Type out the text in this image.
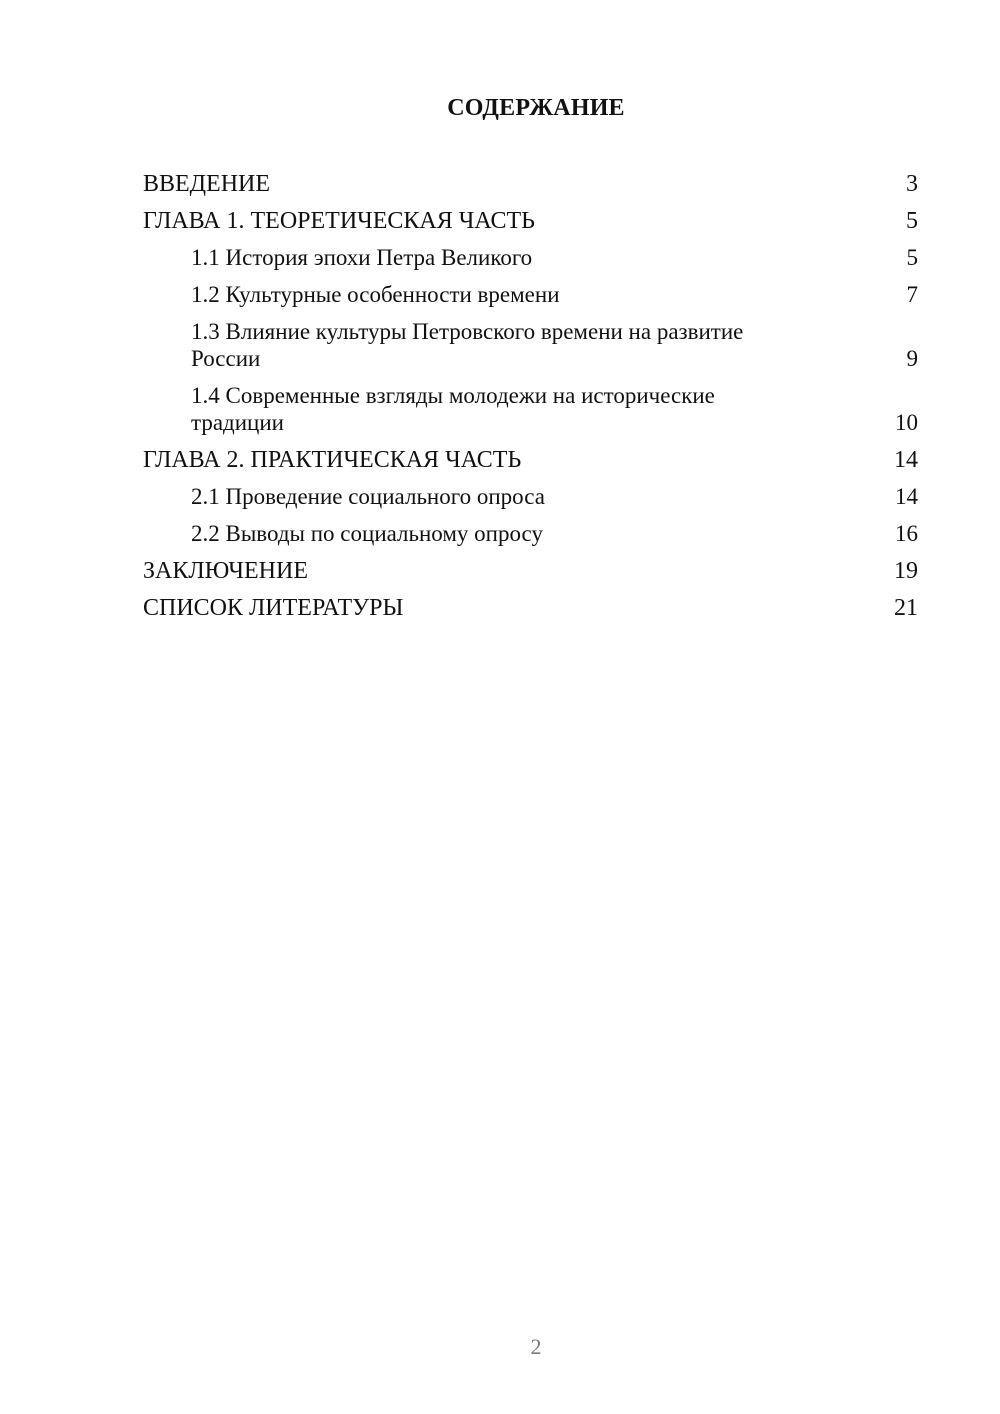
СОДЕРЖАНИЕ
ВВЕДЕНИЕ	3
ГЛАВА 1. ТЕОРЕТИЧЕСКАЯ ЧАСТЬ	5
1.1 История эпохи Петра Великого	5
1.2 Культурные особенности времени	7
1.3 Влияние культуры Петровского времени на развитие России	9
1.4 Современные взгляды молодежи на исторические традиции	10
ГЛАВА 2. ПРАКТИЧЕСКАЯ ЧАСТЬ	14
2.1 Проведение социального опроса	14
2.2 Выводы по социальному опросу	16
ЗАКЛЮЧЕНИЕ	19
СПИСОК ЛИТЕРАТУРЫ	21
2
